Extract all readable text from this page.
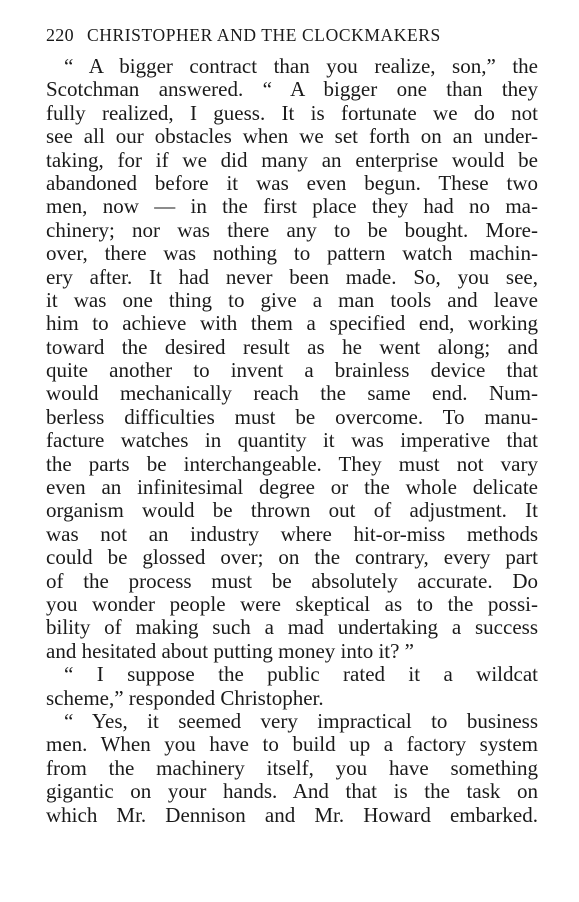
220 CHRISTOPHER AND THE CLOCKMAKERS
“ A bigger contract than you realize, son,” the
Scotchman answered. “ A bigger one than they
fully realized, I guess. It is fortunate we do not
see all our obstacles when we set forth on an under-
taking, for if we did many an enterprise would be
abandoned before it was even begun. These two
men, now — in the first place they had no ma-
chinery; nor was there any to be bought. More-
over, there was nothing to pattern watch machin-
ery after. It had never been made. So, you see,
it was one thing to give a man tools and leave
him to achieve with them a specified end, working
toward the desired result as he went along; and
quite another to invent a brainless device that
would mechanically reach the same end. Num-
berless difficulties must be overcome. To manu-
facture watches in quantity it was imperative that
the parts be interchangeable. They must not vary
even an infinitesimal degree or the whole delicate
organism would be thrown out of adjustment. It
was not an industry where hit-or-miss methods
could be glossed over; on the contrary, every part
of the process must be absolutely accurate. Do
you wonder people were skeptical as to the possi-
bility of making such a mad undertaking a success
and hesitated about putting money into it? ”
“ I suppose the public rated it a wildcat
scheme,” responded Christopher.
“ Yes, it seemed very impractical to business
men. When you have to build up a factory system
from the machinery itself, you have something
gigantic on your hands. And that is the task on
which Mr. Dennison and Mr. Howard embarked.
